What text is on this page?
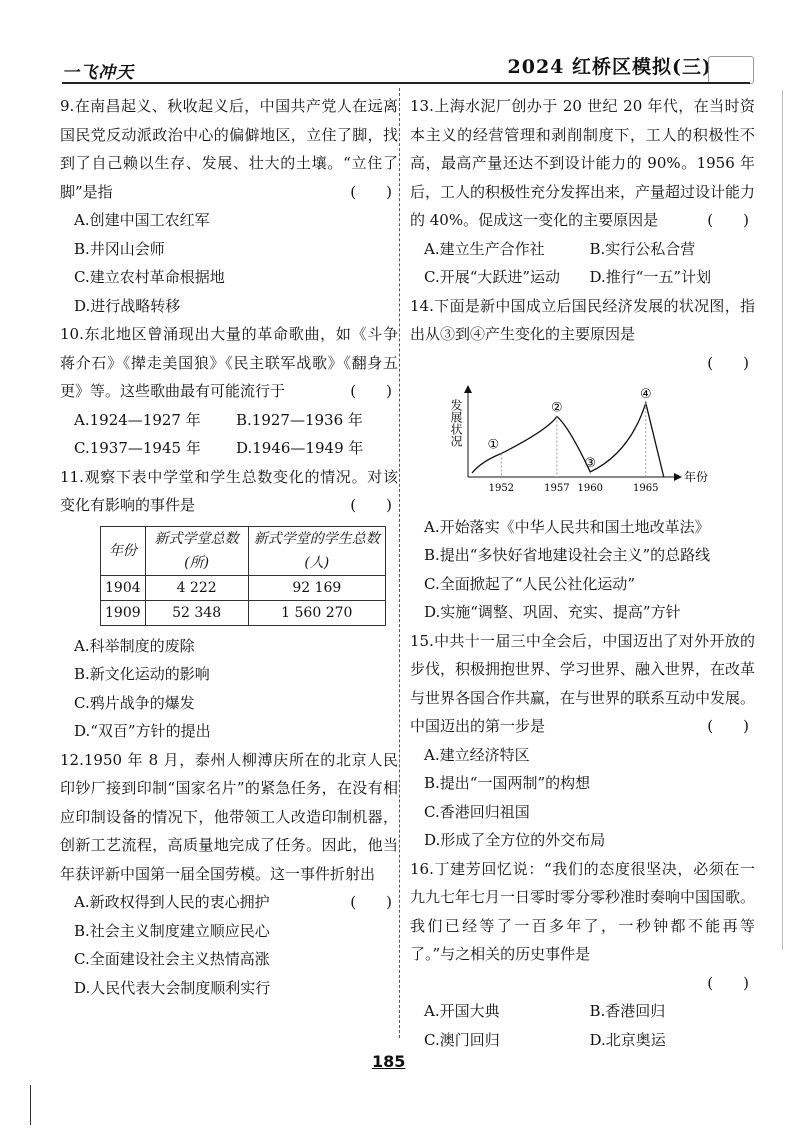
一飞冲天	2024 红桥区模拟(三)

9.在南昌起义、秋收起义后，中国共产党人在远离国民党反动派政治中心的偏僻地区，立住了脚，找到了自己赖以生存、发展、壮大的土壤。“立住了脚”是指	(　　)

A.创建中国工农红军

B.井冈山会师

C.建立农村革命根据地

D.进行战略转移

10.东北地区曾涌现出大量的革命歌曲，如《斗争蒋介石》《撵走美国狼》《民主联军战歌》《翻身五更》等。这些歌曲最有可能流行于	(　　)

A.1924—1927 年	B.1927—1936 年
C.1937—1945 年	D.1946—1949 年

11.观察下表中学堂和学生总数变化的情况。对该变化有影响的事件是	(　　)

年份	新式学堂总数(所)	新式学堂的学生总数(人)
1904	4 222	92 169
1909	52 348	1 560 270

A.科举制度的废除

B.新文化运动的影响

C.鸦片战争的爆发

D.“双百”方针的提出

12.1950 年 8 月，泰州人柳溥庆所在的北京人民印钞厂接到印制“国家名片”的紧急任务，在没有相应印制设备的情况下，他带领工人改造印制机器，创新工艺流程，高质量地完成了任务。因此，他当年获评新中国第一届全国劳模。这一事件折射出
(　　)

A.新政权得到人民的衷心拥护

B.社会主义制度建立顺应民心

C.全面建设社会主义热情高涨

D.人民代表大会制度顺利实行

13.上海水泥厂创办于 20 世纪 20 年代，在当时资本主义的经营管理和剥削制度下，工人的积极性不高，最高产量还达不到设计能力的 90%。1956 年后，工人的积极性充分发挥出来，产量超过设计能力的 40%。促成这一变化的主要原因是	(　　)

A.建立生产合作社	B.实行公私合营
C.开展“大跃进”运动	D.推行“一五”计划

14.下面是新中国成立后国民经济发展的状况图，指出从③到④产生变化的主要原因是

(　　)

发展状况
年份
1952
①
1957
②
1960
③
1965
④

A.开始落实《中华人民共和国土地改革法》

B.提出“多快好省地建设社会主义”的总路线

C.全面掀起了“人民公社化运动”

D.实施“调整、巩固、充实、提高”方针

15.中共十一届三中全会后，中国迈出了对外开放的步伐，积极拥抱世界、学习世界、融入世界，在改革与世界各国合作共赢，在与世界的联系互动中发展。中国迈出的第一步是	(　　)

A.建立经济特区

B.提出“一国两制”的构想

C.香港回归祖国

D.形成了全方位的外交布局

16.丁建芳回忆说：“我们的态度很坚决，必须在一九九七年七月一日零时零分零秒准时奏响中国国歌。我们已经等了一百多年了，一秒钟都不能再等了。”与之相关的历史事件是

(　　)

A.开国大典	B.香港回归
C.澳门回归	D.北京奥运
185
